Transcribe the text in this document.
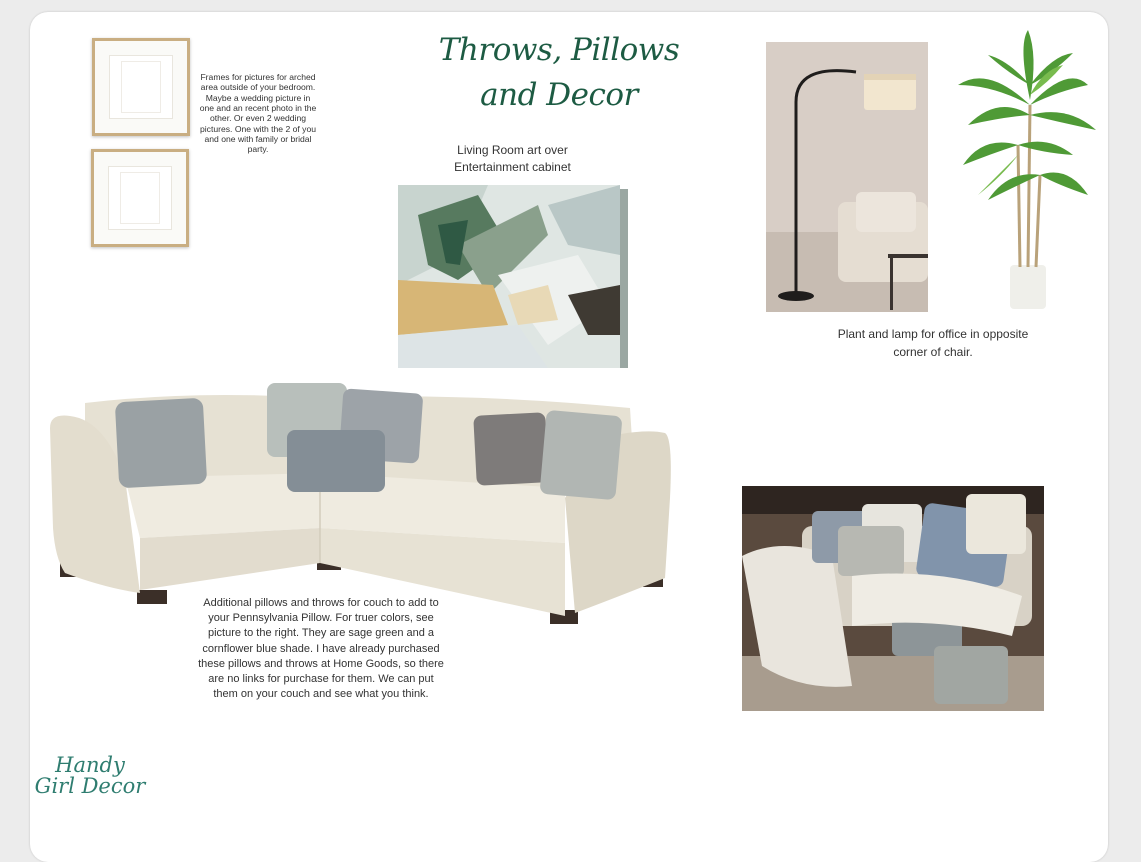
Frames for pictures for arched area outside of your bedroom. Maybe a wedding picture in one and an recent photo in the other. Or even 2 wedding pictures. One with the 2 of you and one with family or bridal party.
Throws, Pillows and Decor
Living Room art over Entertainment cabinet
Plant and lamp for office in opposite corner of chair.
Additional pillows and throws for couch to add to your Pennsylvania Pillow. For truer colors, see picture to the right. They are sage green and a cornflower blue shade. I have already purchased these pillows and throws at Home Goods, so there are no links for purchase for them. We can put them on your couch and see what you think.
Handy
Girl Decor
